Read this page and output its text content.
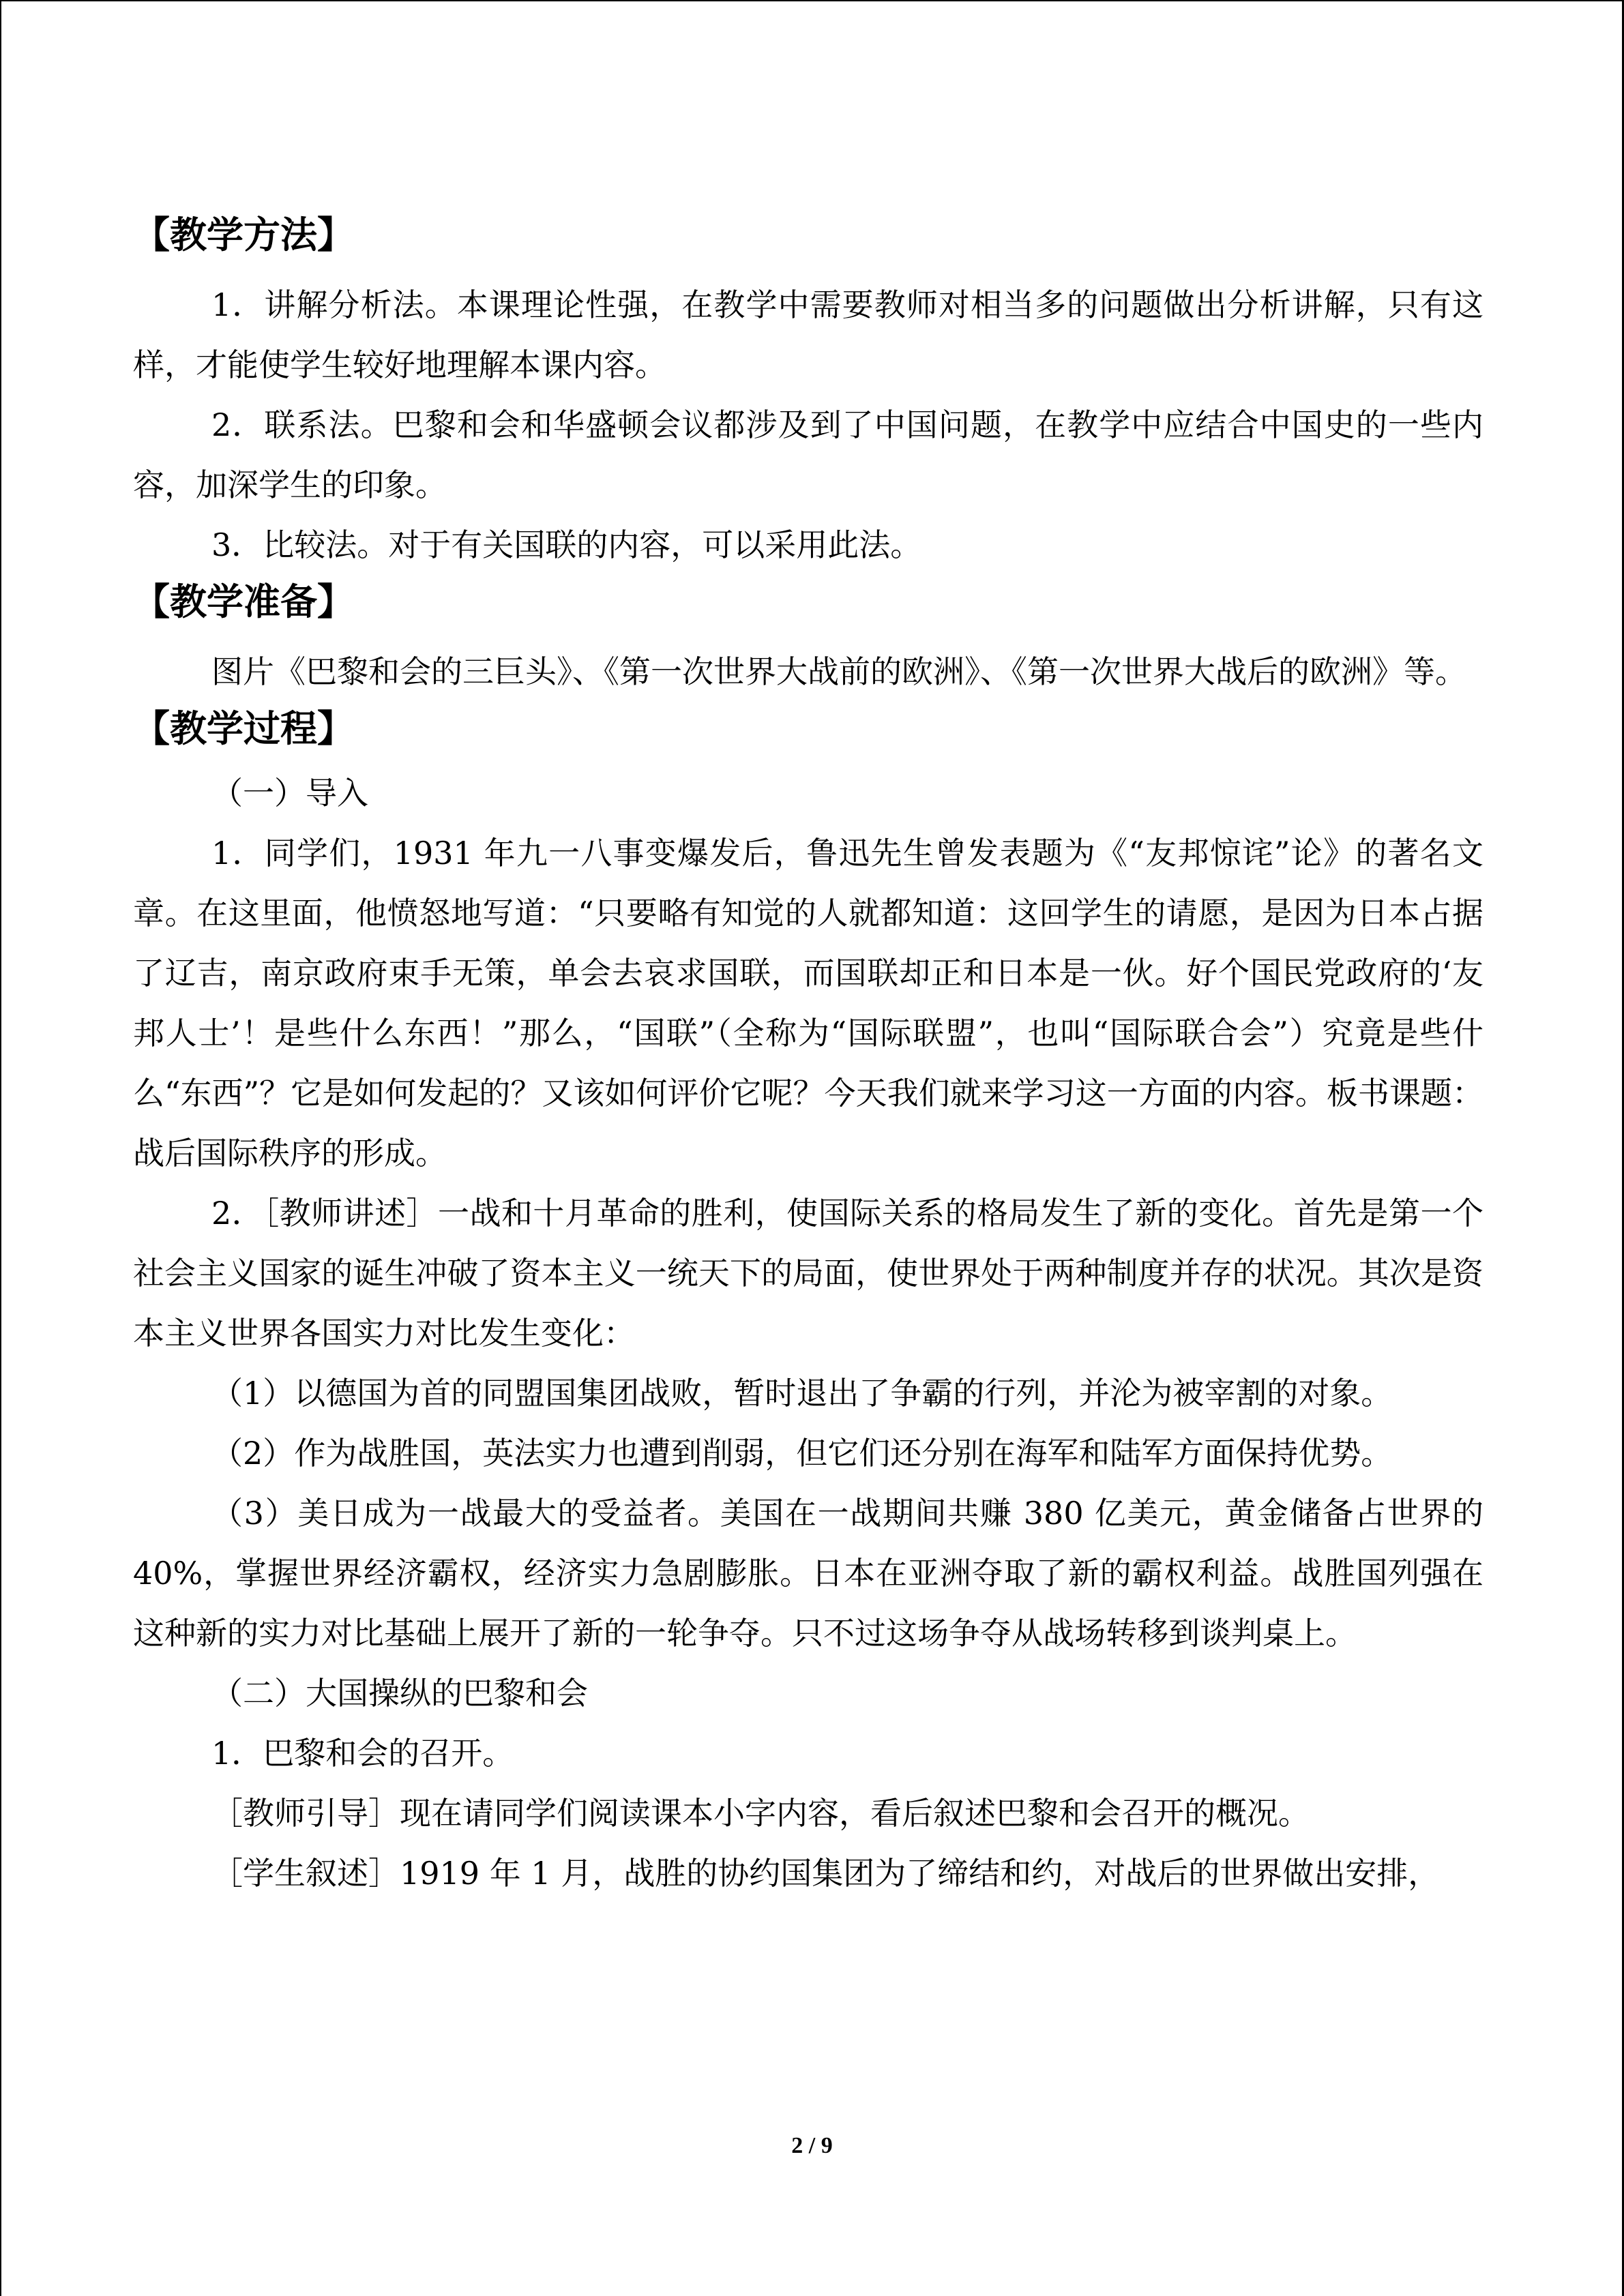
【教学方法】

1．讲解分析法。本课理论性强，在教学中需要教师对相当多的问题做出分析讲解，只有这样，才能使学生较好地理解本课内容。

2．联系法。巴黎和会和华盛顿会议都涉及到了中国问题，在教学中应结合中国史的一些内容，加深学生的印象。

3．比较法。对于有关国联的内容，可以采用此法。

【教学准备】

图片《巴黎和会的三巨头》、《第一次世界大战前的欧洲》、《第一次世界大战后的欧洲》等。

【教学过程】

（一）导入

1．同学们，1931 年九一八事变爆发后，鲁迅先生曾发表题为《“友邦惊诧”论》的著名文章。在这里面，他愤怒地写道：“只要略有知觉的人就都知道：这回学生的请愿，是因为日本占据了辽吉，南京政府束手无策，单会去哀求国联，而国联却正和日本是一伙。好个国民党政府的‘友邦人士’！是些什么东西！”那么，“国联”（全称为“国际联盟”，也叫“国际联合会”）究竟是些什么“东西”？它是如何发起的？又该如何评价它呢？今天我们就来学习这一方面的内容。板书课题：战后国际秩序的形成。

2．［教师讲述］一战和十月革命的胜利，使国际关系的格局发生了新的变化。首先是第一个社会主义国家的诞生冲破了资本主义一统天下的局面，使世界处于两种制度并存的状况。其次是资本主义世界各国实力对比发生变化：

（1）以德国为首的同盟国集团战败，暂时退出了争霸的行列，并沦为被宰割的对象。

（2）作为战胜国，英法实力也遭到削弱，但它们还分别在海军和陆军方面保持优势。

（3）美日成为一战最大的受益者。美国在一战期间共赚 380 亿美元，黄金储备占世界的 40%，掌握世界经济霸权，经济实力急剧膨胀。日本在亚洲夺取了新的霸权利益。战胜国列强在这种新的实力对比基础上展开了新的一轮争夺。只不过这场争夺从战场转移到谈判桌上。

（二）大国操纵的巴黎和会

1．巴黎和会的召开。

［教师引导］现在请同学们阅读课本小字内容，看后叙述巴黎和会召开的概况。

［学生叙述］1919 年 1 月，战胜的协约国集团为了缔结和约，对战后的世界做出安排，

2 / 9
